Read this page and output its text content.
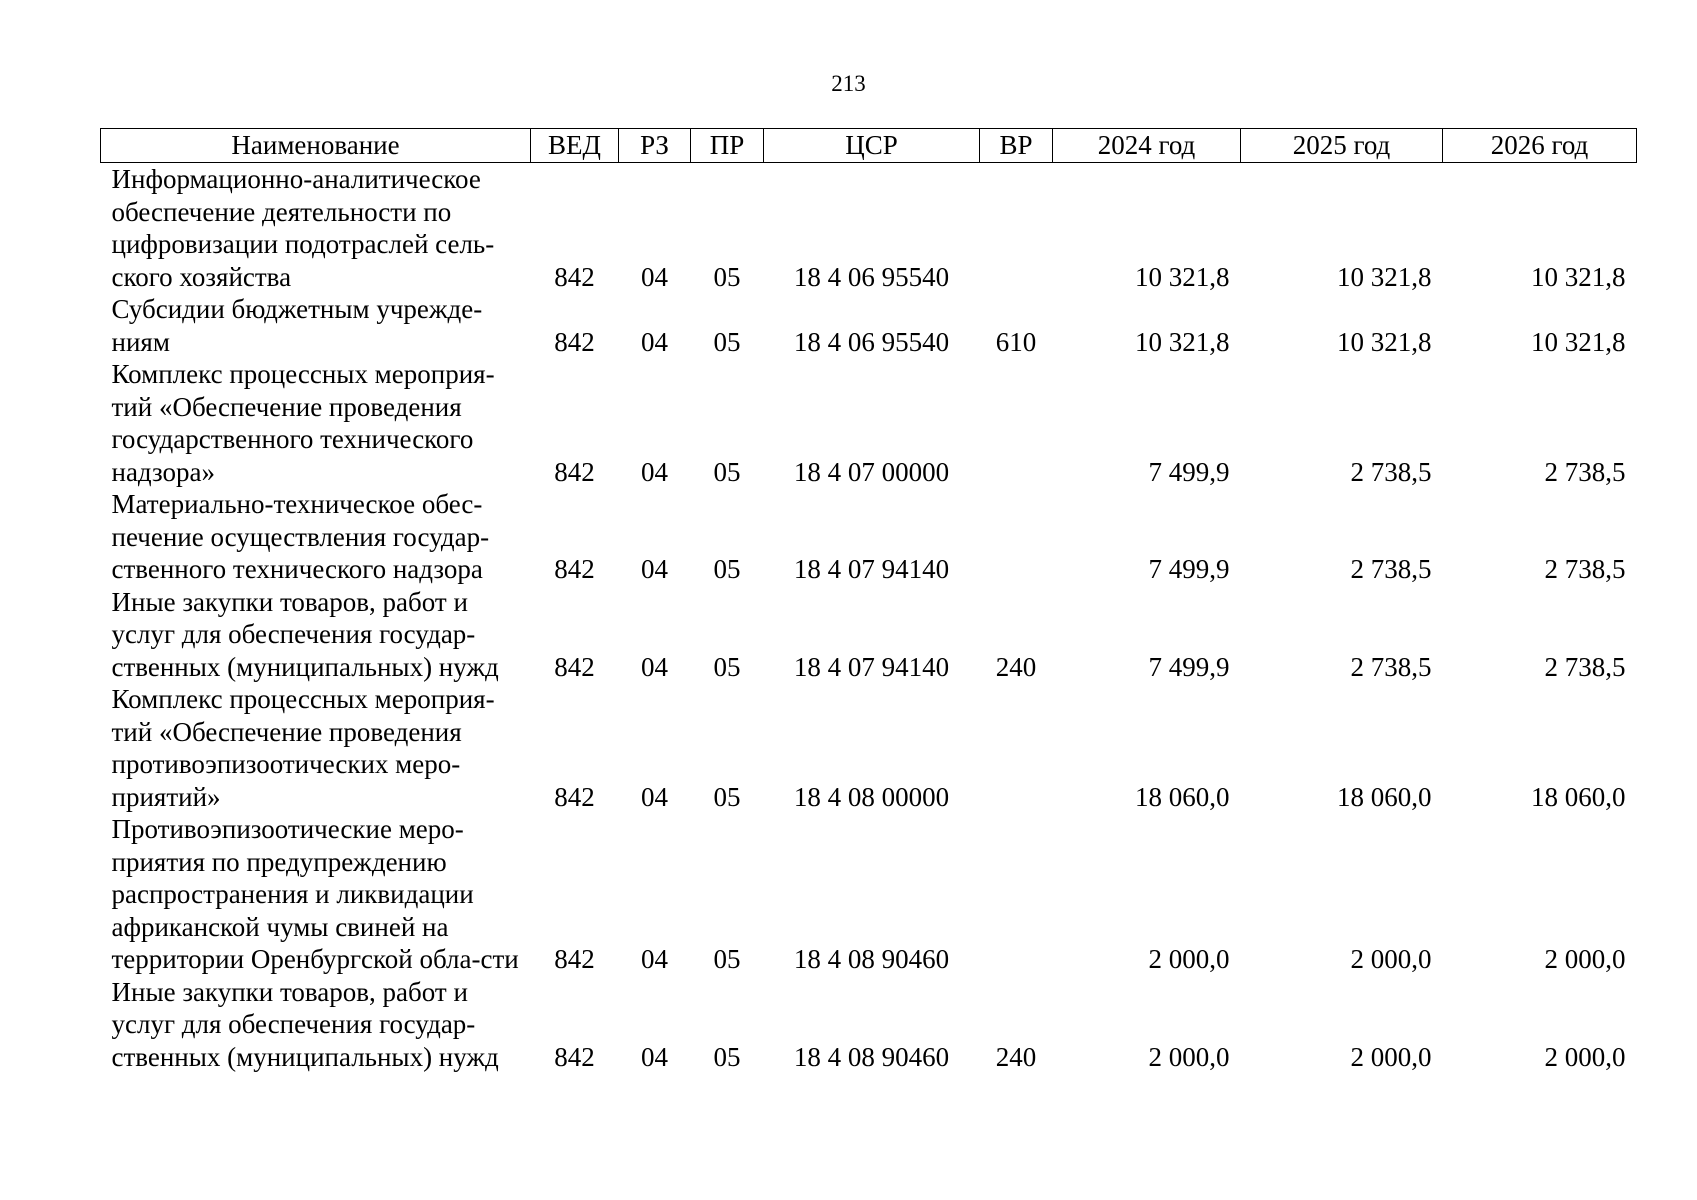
213
Наименование	ВЕД	РЗ	ПР	ЦСР	ВР	2024 год	2025 год	2026 год
Информационно-аналитическое обеспечение деятельности по цифровизации подотраслей сель-ского хозяйства	842	04	05	18 4 06 95540		10 321,8	10 321,8	10 321,8
Субсидии бюджетным учрежде-ниям	842	04	05	18 4 06 95540	610	10 321,8	10 321,8	10 321,8
Комплекс процессных мероприя-тий «Обеспечение проведения государственного технического надзора»	842	04	05	18 4 07 00000		7 499,9	2 738,5	2 738,5
Материально-техническое обес-печение осуществления государ-ственного технического надзора	842	04	05	18 4 07 94140		7 499,9	2 738,5	2 738,5
Иные закупки товаров, работ и услуг для обеспечения государ-ственных (муниципальных) нужд	842	04	05	18 4 07 94140	240	7 499,9	2 738,5	2 738,5
Комплекс процессных мероприя-тий «Обеспечение проведения противоэпизоотических меро-приятий»	842	04	05	18 4 08 00000		18 060,0	18 060,0	18 060,0
Противоэпизоотические меро-приятия по предупреждению распространения и ликвидации африканской чумы свиней на территории Оренбургской обла-сти	842	04	05	18 4 08 90460		2 000,0	2 000,0	2 000,0
Иные закупки товаров, работ и услуг для обеспечения государ-ственных (муниципальных) нужд	842	04	05	18 4 08 90460	240	2 000,0	2 000,0	2 000,0
